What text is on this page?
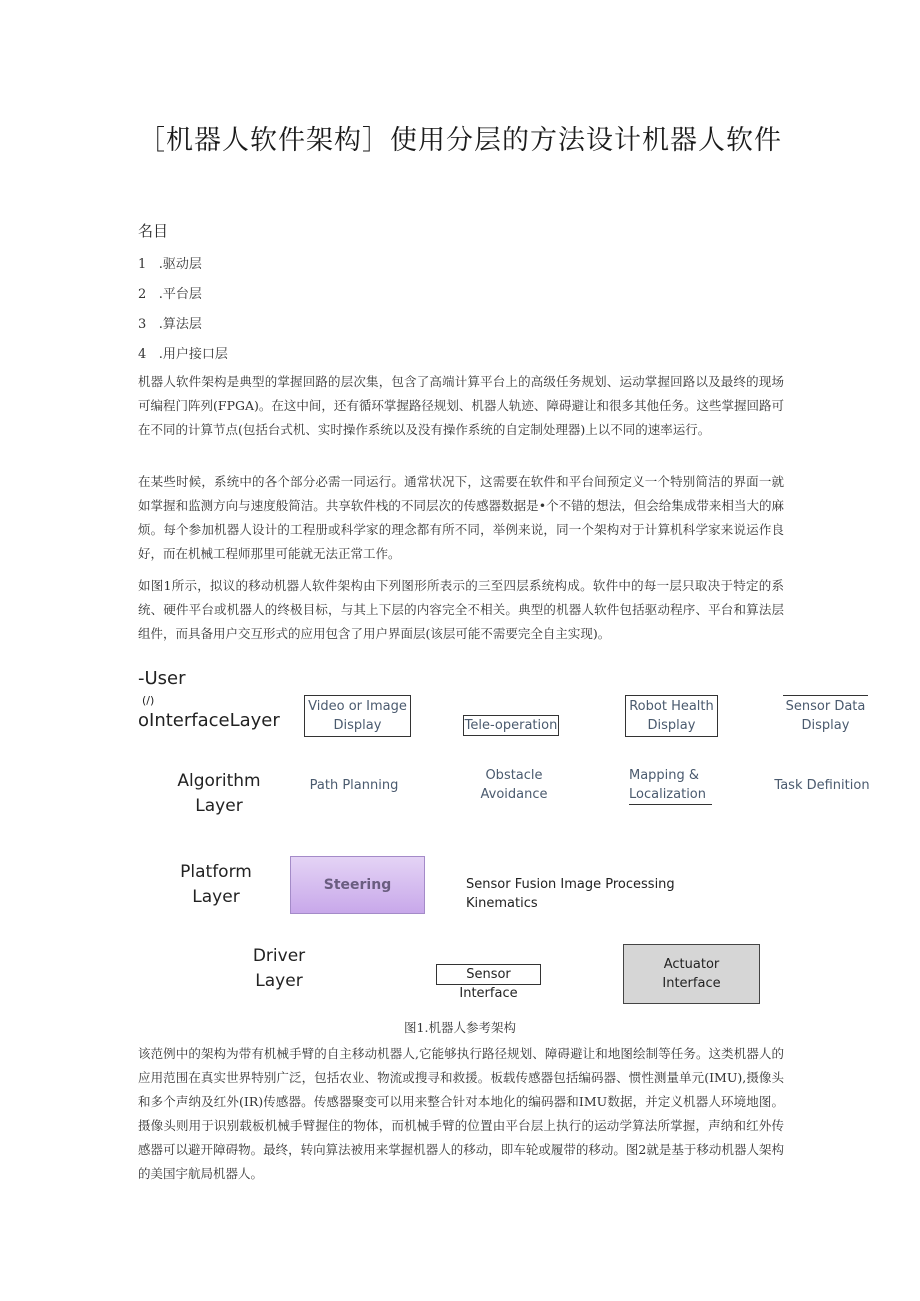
［机器人软件架构］使用分层的方法设计机器人软件
名目
1 .驱动层
2 .平台层
3 .算法层
4 .用户接口层

机器人软件架构是典型的掌握回路的层次集，包含了高端计算平台上的高级任务规划、运动掌握回路以及最终的现场可编程门阵列(FPGA)。在这中间，还有循环掌握路径规划、机器人轨迹、障碍避让和很多其他任务。这些掌握回路可在不同的计算节点(包括台式机、实时操作系统以及没有操作系统的自定制处理器)上以不同的速率运行。

在某些时候，系统中的各个部分必需一同运行。通常状况下，这需要在软件和平台间预定义一个特别简洁的界面一就如掌握和监测方向与速度般简洁。共享软件栈的不同层次的传感器数据是•个不错的想法，但会给集成带来相当大的麻烦。每个参加机器人设计的工程册或科学家的理念都有所不同，举例来说，同一个架构对于计算机科学家来说运作良好，而在机械工程师那里可能就无法正常工作。

如图1所示，拟议的移动机器人软件架构由下列图形所表示的三至四层系统构成。软件中的每一层只取决于特定的系统、硬件平台或机器人的终极目标，与其上下层的内容完全不相关。典型的机器人软件包括驱动程序、平台和算法层组件，而具备用户交互形式的应用包含了用户界面层(该层可能不需要完全自主实现)。

-User
(/)
oInterfaceLayer
Video or Image
Display	Tele-operation
Robot Health
Display
Sensor Data
Display
Algorithm
Layer
Path Planning
Obstacle
Avoidance
Mapping &
Localization
Task Definition
Platform
Layer
Steering	Sensor Fusion Image Processing Kinematics
Driver
Layer	Sensor Interface
Actuator
Interface
图1.机器人参考架构

该范例中的架构为带有机械手臂的自主移动机器人,它能够执行路径规划、障碍避让和地图绘制等任务。这类机器人的应用范围在真实世界特别广泛，包括农业、物流或搜寻和救援。板载传感器包括编码器、惯性测量单元(IMU),摄像头和多个声纳及红外(IR)传感器。传感器聚变可以用来整合针对本地化的编码器和IMU数据，并定义机器人环境地图。摄像头则用于识别载板机械手臂握住的物体，而机械手臂的位置由平台层上执行的运动学算法所掌握，声纳和红外传感器可以避开障碍物。最终，转向算法被用来掌握机器人的移动，即车轮或履带的移动。图2就是基于移动机器人架构的美国宇航局机器人。
